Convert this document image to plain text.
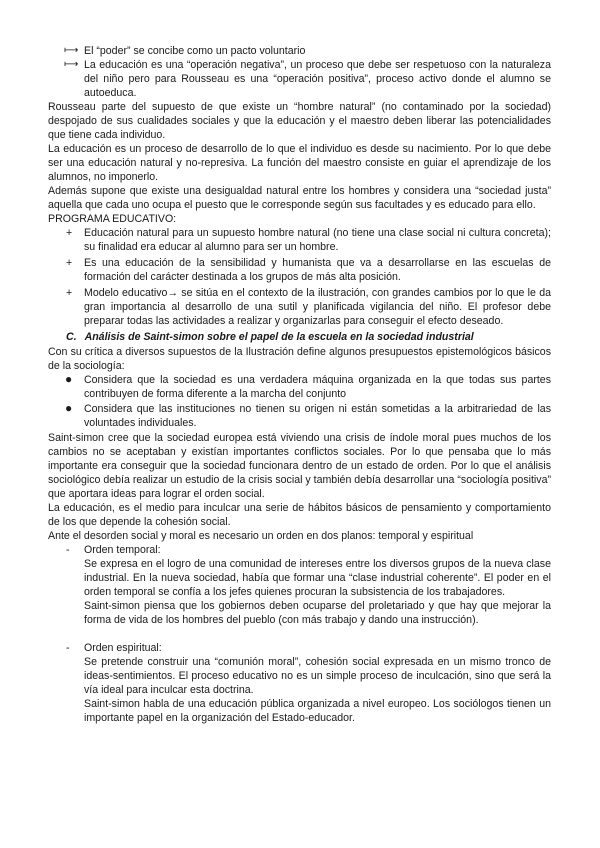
⟼ El “poder” se concibe como un pacto voluntario
⟼ La educación es una “operación negativa”, un proceso que debe ser respetuoso con la naturaleza del niño pero para Rousseau es una “operación positiva”, proceso activo donde el alumno se autoeduca.

Rousseau parte del supuesto de que existe un “hombre natural” (no contaminado por la sociedad) despojado de sus cualidades sociales y que la educación y el maestro deben liberar las potencialidades que tiene cada individuo.

La educación es un proceso de desarrollo de lo que el individuo es desde su nacimiento. Por lo que debe ser una educación natural y no-represiva. La función del maestro consiste en guiar el aprendizaje de los alumnos, no imponerlo.

Además supone que existe una desigualdad natural entre los hombres y considera una “sociedad justa” aquella que cada uno ocupa el puesto que le corresponde según sus facultades y es educado para ello.

PROGRAMA EDUCATIVO:

+ Educación natural para un supuesto hombre natural (no tiene una clase social ni cultura concreta); su finalidad era educar al alumno para ser un hombre.
+ Es una educación de la sensibilidad y humanista que va a desarrollarse en las escuelas de formación del carácter destinada a los grupos de más alta posición.
+ Modelo educativo→ se sitúa en el contexto de la ilustración, con grandes cambios por lo que le da gran importancia al desarrollo de una sutil y planificada vigilancia del niño. El profesor debe preparar todas las actividades a realizar y organizarlas para conseguir el efecto deseado.
C. Análisis de Saint-simon sobre el papel de la escuela en la sociedad industrial

Con su crítica a diversos supuestos de la Ilustración define algunos presupuestos epistemológicos básicos de la sociología:

● Considera que la sociedad es una verdadera máquina organizada en la que todas sus partes contribuyen de forma diferente a la marcha del conjunto
● Considera que las instituciones no tienen su origen ni están sometidas a la arbitrariedad de las voluntades individuales.

Saint-simon cree que la sociedad europea está viviendo una crisis de índole moral pues muchos de los cambios no se aceptaban y existían importantes conflictos sociales. Por lo que pensaba que lo más importante era conseguir que la sociedad funcionara dentro de un estado de orden. Por lo que el análisis sociológico debía realizar un estudio de la crisis social y también debía desarrollar una “sociología positiva” que aportara ideas para lograr el orden social.

La educación, es el medio para inculcar una serie de hábitos básicos de pensamiento y comportamiento de los que depende la cohesión social.

Ante el desorden social y moral es necesario un orden en dos planos: temporal y espiritual

- Orden temporal:
Se expresa en el logro de una comunidad de intereses entre los diversos grupos de la nueva clase industrial. En la nueva sociedad, había que formar una “clase industrial coherente”. El poder en el orden temporal se confía a los jefes quienes procuran la subsistencia de los trabajadores.
Saint-simon piensa que los gobiernos deben ocuparse del proletariado y que hay que mejorar la forma de vida de los hombres del pueblo (con más trabajo y dando una instrucción).
- Orden espiritual:
Se pretende construir una “comunión moral”, cohesión social expresada en un mismo tronco de ideas-sentimientos. El proceso educativo no es un simple proceso de inculcación, sino que será la vía ideal para inculcar esta doctrina.
Saint-simon habla de una educación pública organizada a nivel europeo. Los sociólogos tienen un importante papel en la organización del Estado-educador.
